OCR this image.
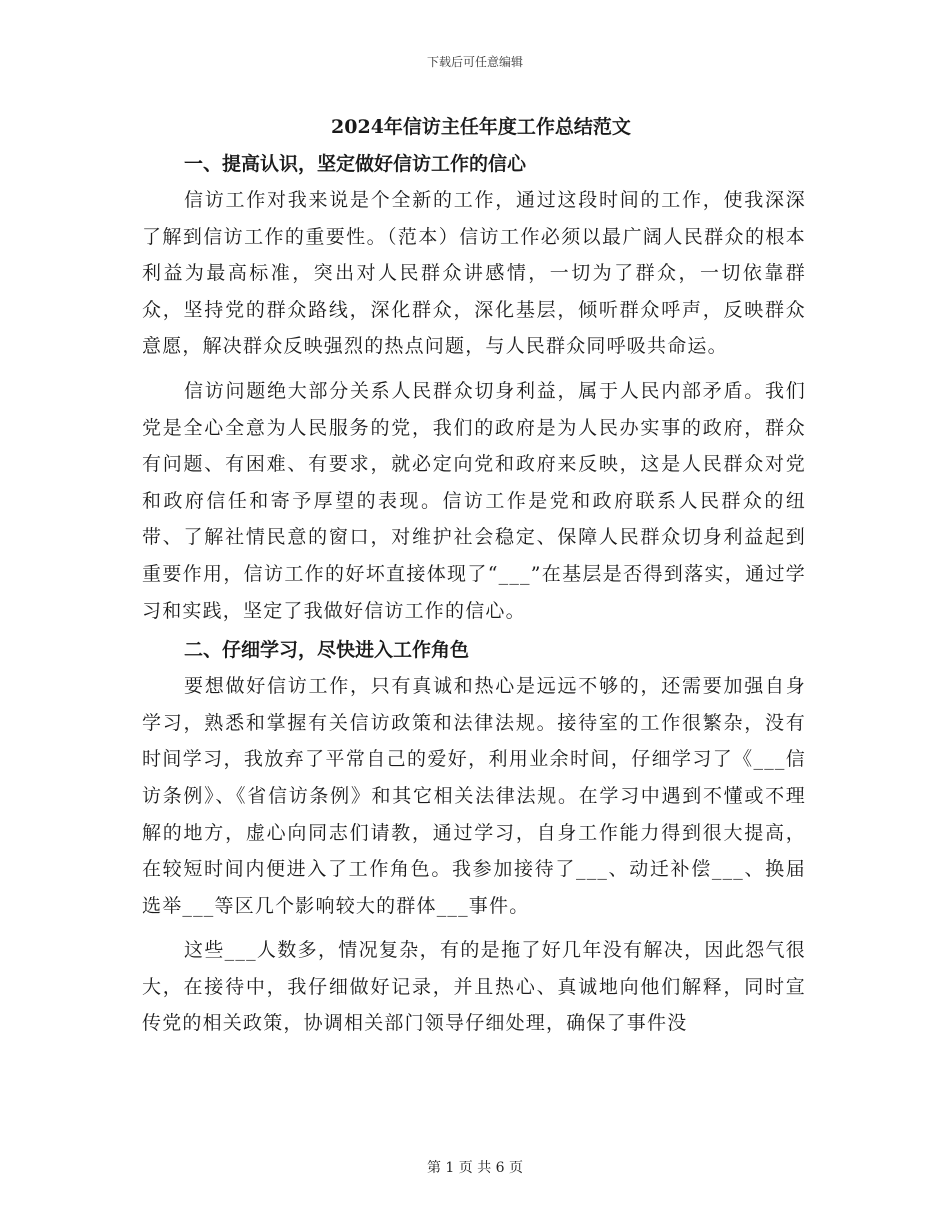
下载后可任意编辑
2024年信访主任年度工作总结范文
一、提高认识，坚定做好信访工作的信心

信访工作对我来说是个全新的工作，通过这段时间的工作，使我深深了解到信访工作的重要性。（范本）信访工作必须以最广阔人民群众的根本利益为最高标准，突出对人民群众讲感情，一切为了群众，一切依靠群众，坚持党的群众路线，深化群众，深化基层，倾听群众呼声，反映群众意愿，解决群众反映强烈的热点问题，与人民群众同呼吸共命运。

信访问题绝大部分关系人民群众切身利益，属于人民内部矛盾。我们党是全心全意为人民服务的党，我们的政府是为人民办实事的政府，群众有问题、有困难、有要求，就必定向党和政府来反映，这是人民群众对党和政府信任和寄予厚望的表现。信访工作是党和政府联系人民群众的纽带、了解社情民意的窗口，对维护社会稳定、保障人民群众切身利益起到重要作用，信访工作的好坏直接体现了“___”在基层是否得到落实，通过学习和实践，坚定了我做好信访工作的信心。

二、仔细学习，尽快进入工作角色

要想做好信访工作，只有真诚和热心是远远不够的，还需要加强自身学习，熟悉和掌握有关信访政策和法律法规。接待室的工作很繁杂，没有时间学习，我放弃了平常自己的爱好，利用业余时间，仔细学习了《___信访条例》、《省信访条例》和其它相关法律法规。在学习中遇到不懂或不理解的地方，虚心向同志们请教，通过学习，自身工作能力得到很大提高，在较短时间内便进入了工作角色。我参加接待了___、动迁补偿___、换届选举___等区几个影响较大的群体___事件。

这些___人数多，情况复杂，有的是拖了好几年没有解决，因此怨气很大，在接待中，我仔细做好记录，并且热心、真诚地向他们解释，同时宣传党的相关政策，协调相关部门领导仔细处理，确保了事件没

第 1 页 共 6 页
